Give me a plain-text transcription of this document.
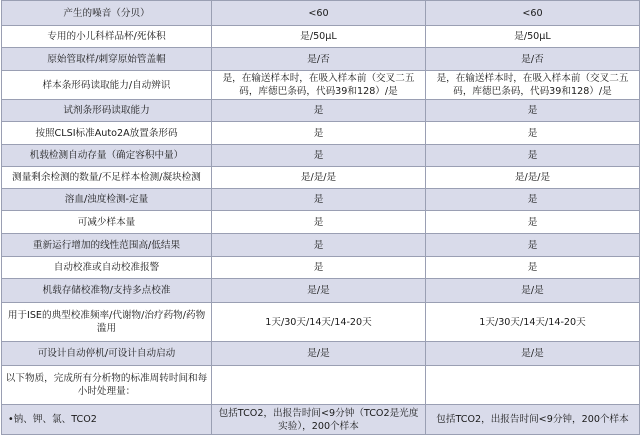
产生的噪音（分贝）	<60	<60
专用的小儿科样品杯/死体积	是/50μL	是/50μL
原始管取样/刺穿原始管盖帽	是/否	是/否
样本条形码读取能力/自动辨识	是，在输送样本时，在吸入样本前（交叉二五码，库德巴条码，代码39和128）/是	是，在输送样本时，在吸入样本前（交叉二五码，库德巴条码，代码39和128）/是
试剂条形码读取能力	是	是
按照CLSI标准Auto2A放置条形码	是	是
机载检测自动存量（确定容积中量）	是	是
测量剩余检测的数量/不足样本检测/凝块检测	是/是/是	是/是/是
溶血/浊度检测-定量	是	是
可减少样本量	是	是
重新运行增加的线性范围高/低结果	是	是
自动校准或自动校准报警	是	是
机载存储校准物/支持多点校准	是/是	是/是
用于ISE的典型校准频率/代谢物/治疗药物/药物滥用	1天/30天/14天/14-20天	1天/30天/14天/14-20天
可设计自动停机/可设计自动启动	是/是	是/是
以下物质，完成所有分析物的标准周转时间和每小时处理量：		
•钠、钾、氯、TCO2	包括TCO2，出报告时间<9分钟（TCO2是光度实验），200个样本	包括TCO2，出报告时间<9分钟，200个样本
